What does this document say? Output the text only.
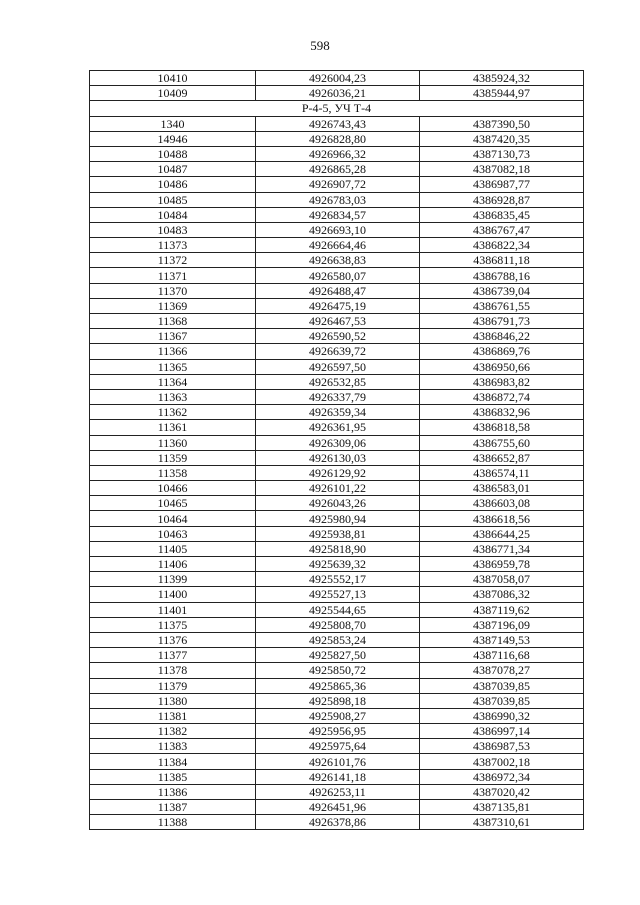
598
10410	4926004,23	4385924,32
10409	4926036,21	4385944,97
Р-4-5, УЧ Т-4		
1340	4926743,43	4387390,50
14946	4926828,80	4387420,35
10488	4926966,32	4387130,73
10487	4926865,28	4387082,18
10486	4926907,72	4386987,77
10485	4926783,03	4386928,87
10484	4926834,57	4386835,45
10483	4926693,10	4386767,47
11373	4926664,46	4386822,34
11372	4926638,83	4386811,18
11371	4926580,07	4386788,16
11370	4926488,47	4386739,04
11369	4926475,19	4386761,55
11368	4926467,53	4386791,73
11367	4926590,52	4386846,22
11366	4926639,72	4386869,76
11365	4926597,50	4386950,66
11364	4926532,85	4386983,82
11363	4926337,79	4386872,74
11362	4926359,34	4386832,96
11361	4926361,95	4386818,58
11360	4926309,06	4386755,60
11359	4926130,03	4386652,87
11358	4926129,92	4386574,11
10466	4926101,22	4386583,01
10465	4926043,26	4386603,08
10464	4925980,94	4386618,56
10463	4925938,81	4386644,25
11405	4925818,90	4386771,34
11406	4925639,32	4386959,78
11399	4925552,17	4387058,07
11400	4925527,13	4387086,32
11401	4925544,65	4387119,62
11375	4925808,70	4387196,09
11376	4925853,24	4387149,53
11377	4925827,50	4387116,68
11378	4925850,72	4387078,27
11379	4925865,36	4387039,85
11380	4925898,18	4387039,85
11381	4925908,27	4386990,32
11382	4925956,95	4386997,14
11383	4925975,64	4386987,53
11384	4926101,76	4387002,18
11385	4926141,18	4386972,34
11386	4926253,11	4387020,42
11387	4926451,96	4387135,81
11388	4926378,86	4387310,61
